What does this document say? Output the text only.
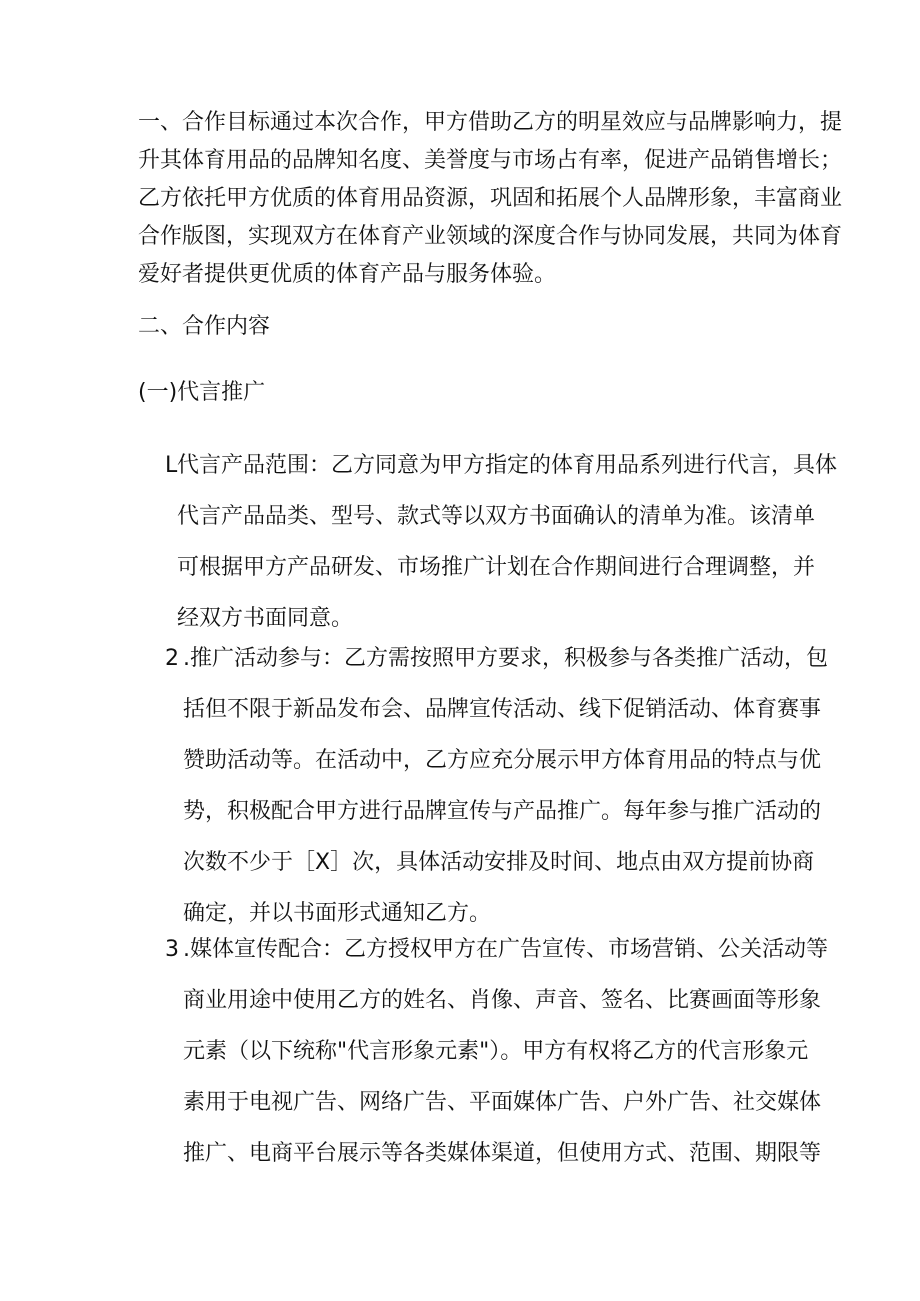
一、合作目标通过本次合作，甲方借助乙方的明星效应与品牌影响力，提
升其体育用品的品牌知名度、美誉度与市场占有率，促进产品销售增长；
乙方依托甲方优质的体育用品资源，巩固和拓展个人品牌形象，丰富商业
合作版图，实现双方在体育产业领域的深度合作与协同发展，共同为体育
爱好者提供更优质的体育产品与服务体验。
二、合作内容
(一)代言推广
L 代言产品范围：乙方同意为甲方指定的体育用品系列进行代言，具体
代言产品品类、型号、款式等以双方书面确认的清单为准。该清单
可根据甲方产品研发、市场推广计划在合作期间进行合理调整，并
经双方书面同意。
2 .推广活动参与：乙方需按照甲方要求，积极参与各类推广活动，包
括但不限于新品发布会、品牌宣传活动、线下促销活动、体育赛事
赞助活动等。在活动中，乙方应充分展示甲方体育用品的特点与优
势，积极配合甲方进行品牌宣传与产品推广。每年参与推广活动的
次数不少于［X］次，具体活动安排及时间、地点由双方提前协商
确定，并以书面形式通知乙方。
3 .媒体宣传配合：乙方授权甲方在广告宣传、市场营销、公关活动等
商业用途中使用乙方的姓名、肖像、声音、签名、比赛画面等形象
元素（以下统称"代言形象元素"）。甲方有权将乙方的代言形象元
素用于电视广告、网络广告、平面媒体广告、户外广告、社交媒体
推广、电商平台展示等各类媒体渠道，但使用方式、范围、期限等
